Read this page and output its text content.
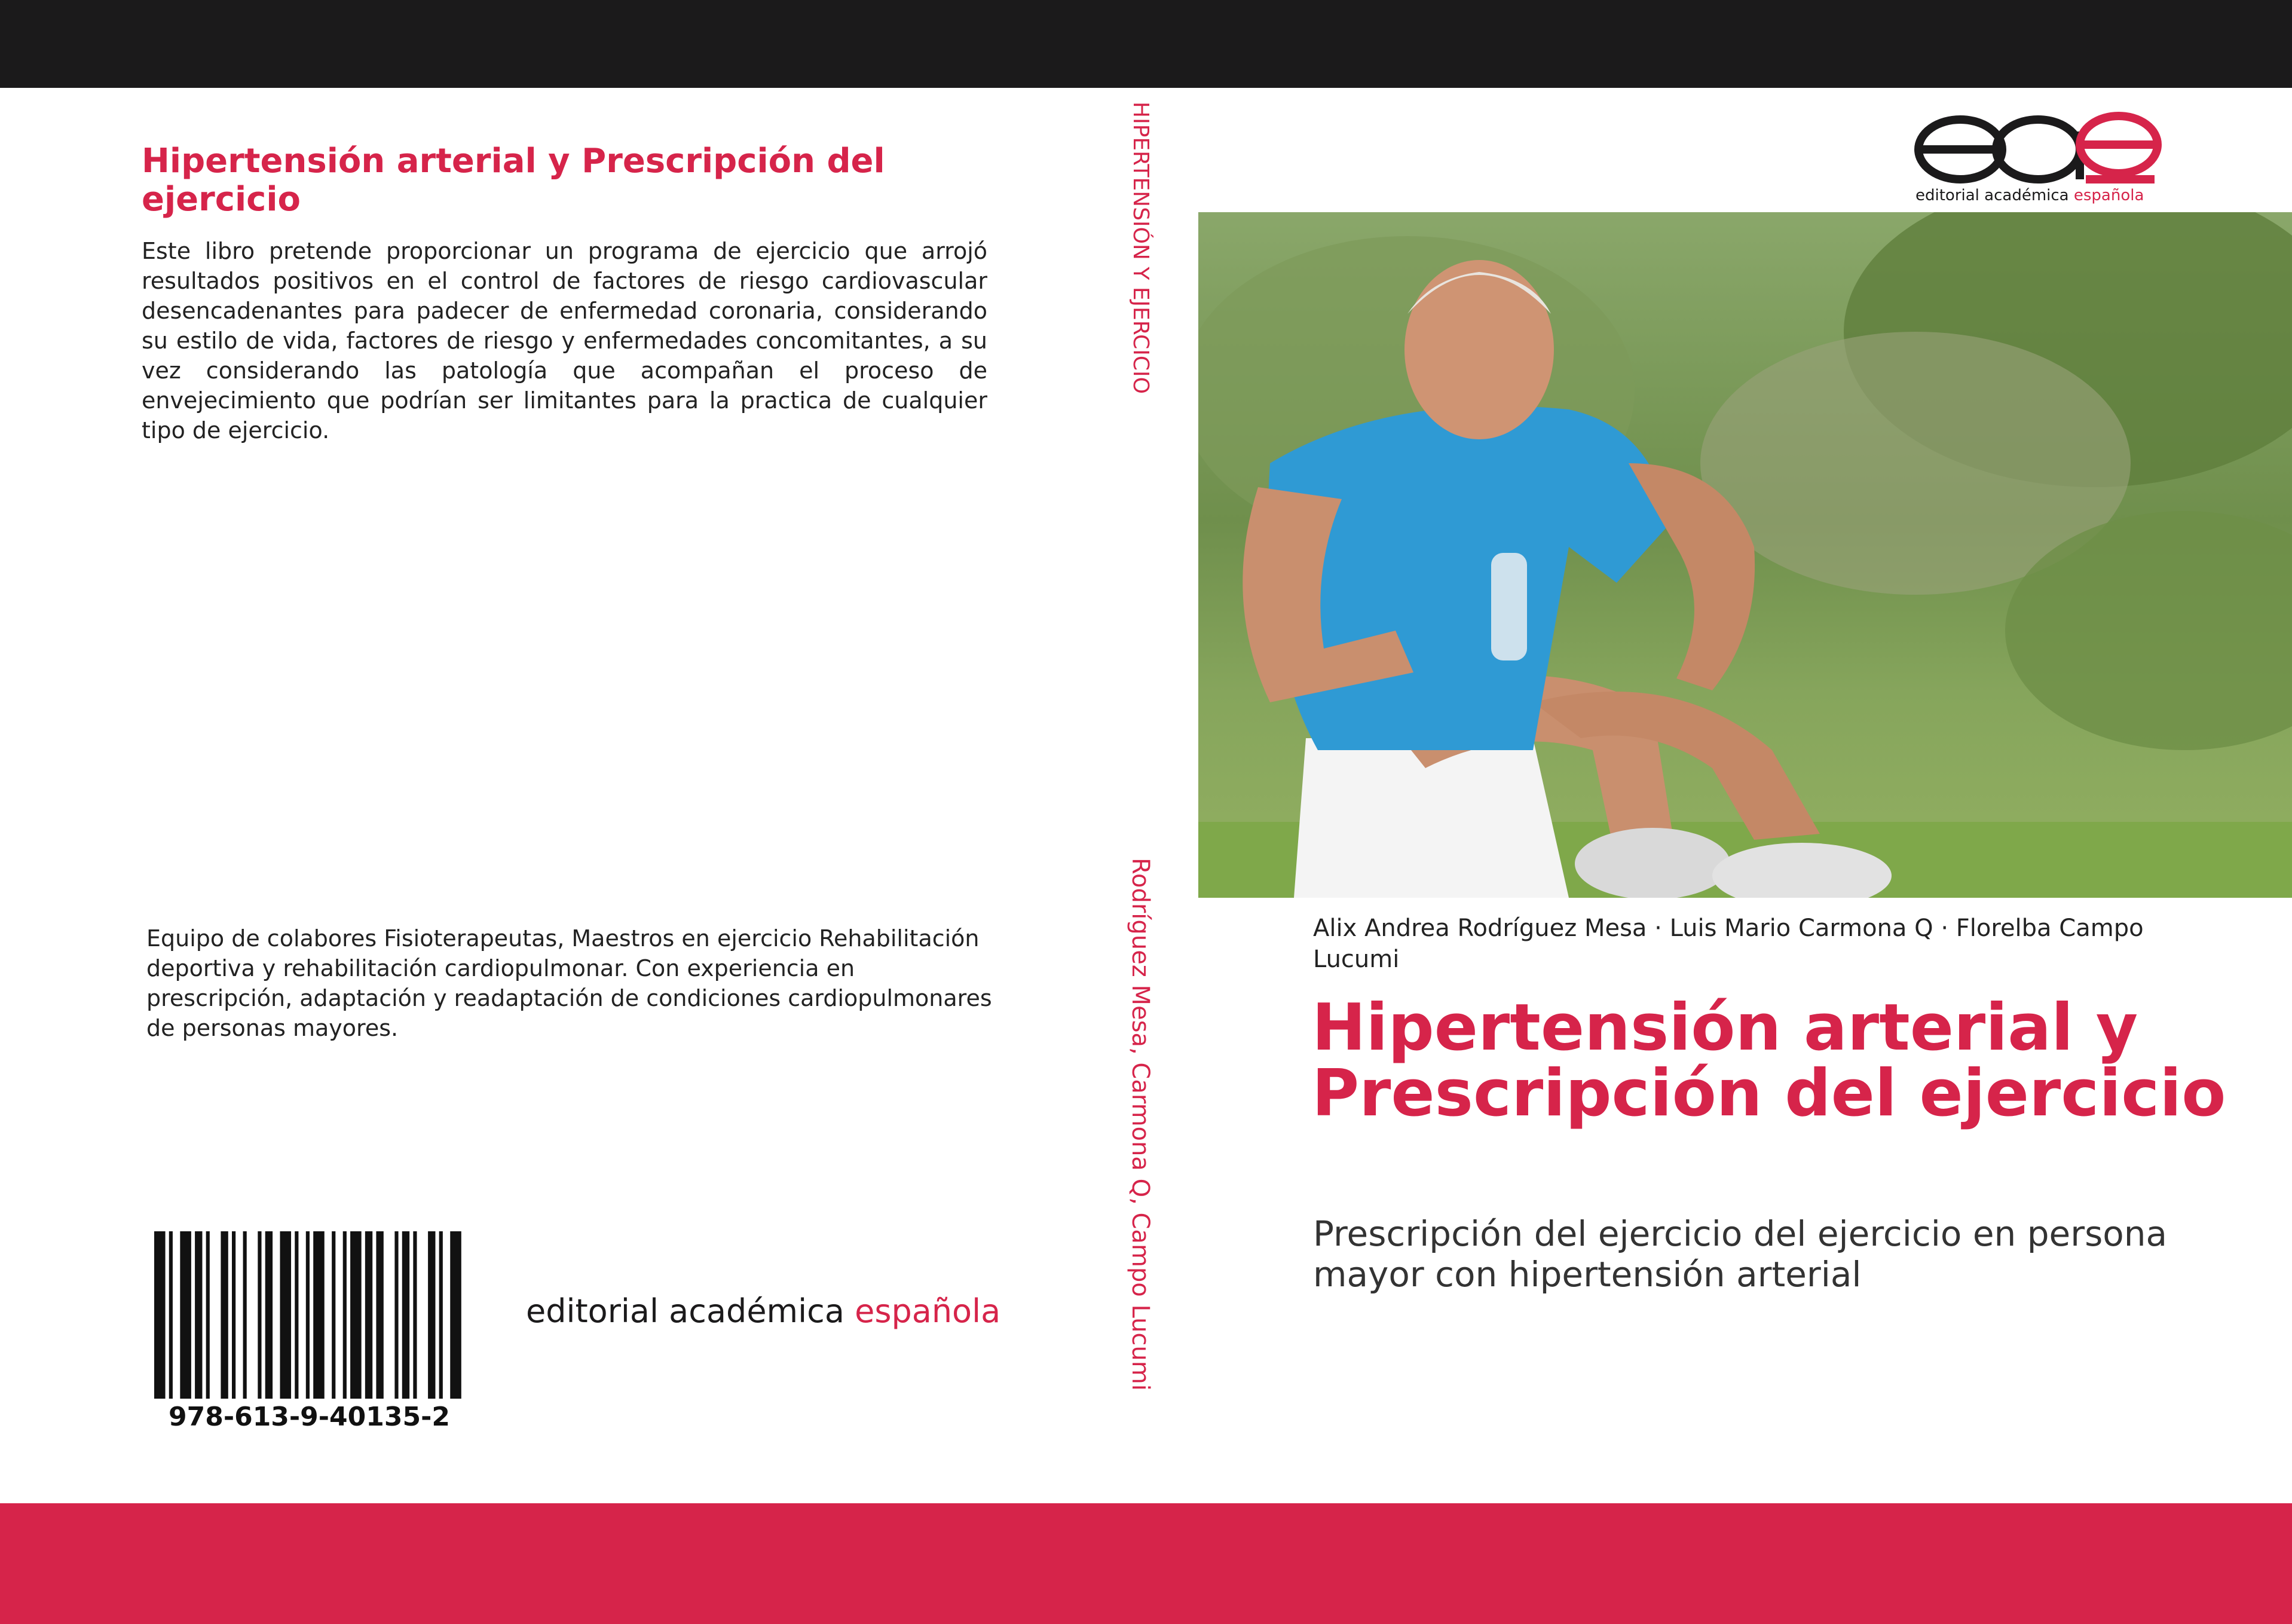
Hipertensión arterial y Prescripción del ejercicio

Este libro pretende proporcionar un programa de ejercicio que arrojó resultados positivos en el control de factores de riesgo cardiovascular desencadenantes para padecer de enfermedad coronaria, considerando su estilo de vida, factores de riesgo y enfermedades concomitantes, a su vez considerando las patología que acompañan el proceso de envejecimiento que podrían ser limitantes para la practica de cualquier tipo de ejercicio.

Equipo de colabores Fisioterapeutas, Maestros en ejercicio Rehabilitación deportiva y rehabilitación cardiopulmonar. Con experiencia en prescripción, adaptación y readaptación de condiciones cardiopulmonares de personas mayores.

978-613-9-40135-2
editorial académica española
HIPERTENSIÓN Y EJERCICIO
Rodríguez Mesa, Carmona Q, Campo Lucumi
editorial académica española

Alix Andrea Rodríguez Mesa · Luis Mario Carmona Q · Florelba Campo Lucumi

Hipertensión arterial y Prescripción del ejercicio

Prescripción del ejercicio del ejercicio en persona mayor con hipertensión arterial
